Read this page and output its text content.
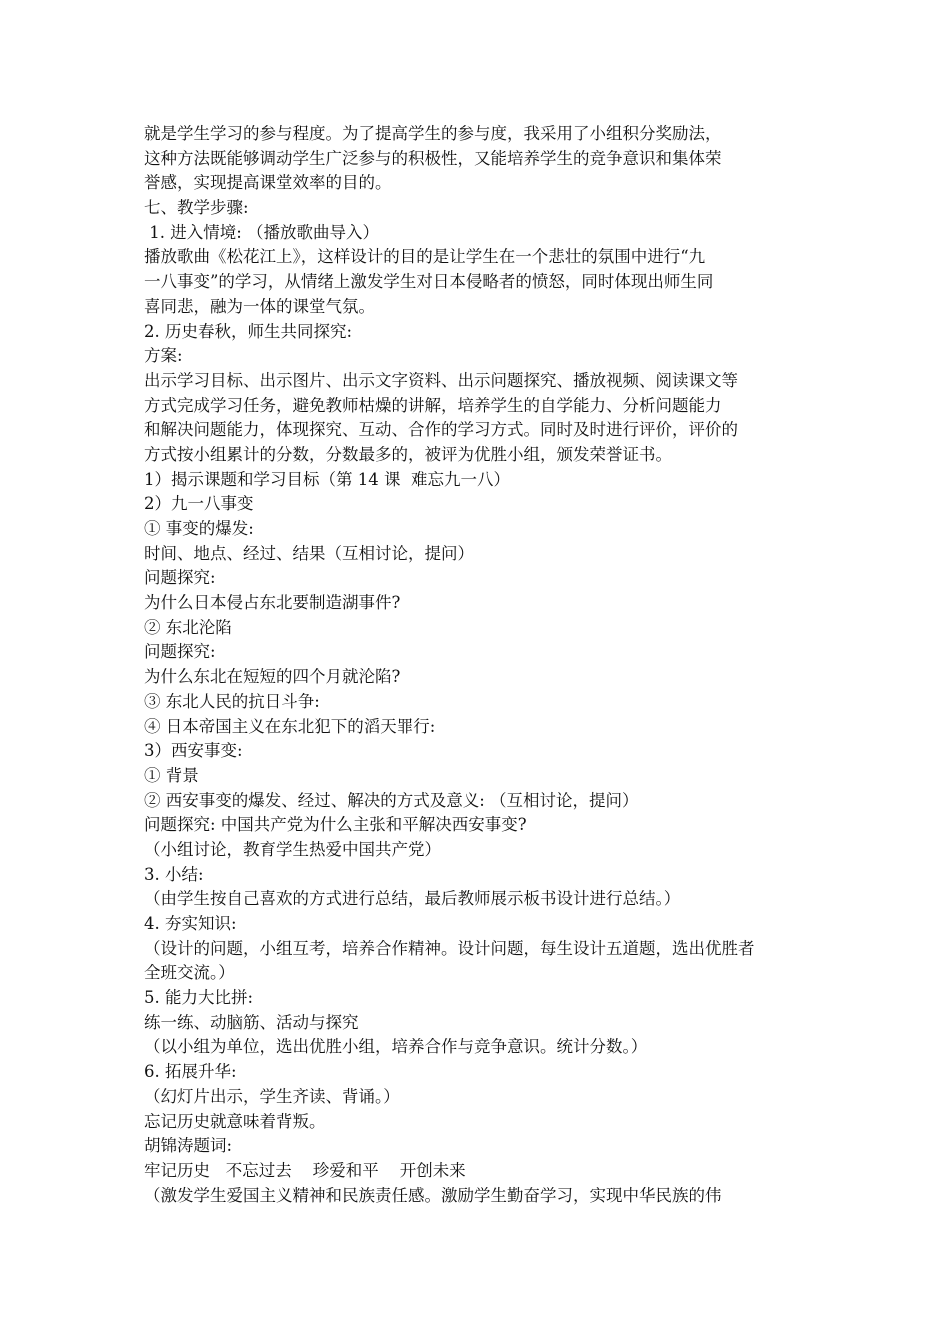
就是学生学习的参与程度。为了提高学生的参与度，我采用了小组积分奖励法，
这种方法既能够调动学生广泛参与的积极性，又能培养学生的竞争意识和集体荣
誉感，实现提高课堂效率的目的。
七、教学步骤:
1. 进入情境: （播放歌曲导入）
播放歌曲《松花江上》，这样设计的目的是让学生在一个悲壮的氛围中进行“九
一八事变”的学习，从情绪上激发学生对日本侵略者的愤怒，同时体现出师生同
喜同悲，融为一体的课堂气氛。
2. 历史春秋，师生共同探究:
方案:
出示学习目标、出示图片、出示文字资料、出示问题探究、播放视频、阅读课文等
方式完成学习任务，避免教师枯燥的讲解，培养学生的自学能力、分析问题能力
和解决问题能力，体现探究、互动、合作的学习方式。同时及时进行评价，评价的
方式按小组累计的分数，分数最多的，被评为优胜小组，颁发荣誉证书。
1）揭示课题和学习目标（第 14 课  难忘九一八）
2）九一八事变
① 事变的爆发:
时间、地点、经过、结果（互相讨论，提问）
问题探究:
为什么日本侵占东北要制造湖事件?
② 东北沦陷
问题探究:
为什么东北在短短的四个月就沦陷?
③ 东北人民的抗日斗争:
④ 日本帝国主义在东北犯下的滔天罪行:
3）西安事变:
① 背景
② 西安事变的爆发、经过、解决的方式及意义: （互相讨论，提问）
问题探究: 中国共产党为什么主张和平解决西安事变?
（小组讨论，教育学生热爱中国共产党）
3. 小结:
（由学生按自己喜欢的方式进行总结，最后教师展示板书设计进行总结。）
4. 夯实知识:
（设计的问题，小组互考，培养合作精神。设计问题，每生设计五道题，选出优胜者
全班交流。）
5. 能力大比拼:
练一练、动脑筋、活动与探究
（以小组为单位，选出优胜小组，培养合作与竞争意识。统计分数。）
6. 拓展升华:
（幻灯片出示，学生齐读、背诵。）
忘记历史就意味着背叛。
胡锦涛题词:
牢记历史   不忘过去    珍爱和平    开创未来
（激发学生爱国主义精神和民族责任感。激励学生勤奋学习，实现中华民族的伟
